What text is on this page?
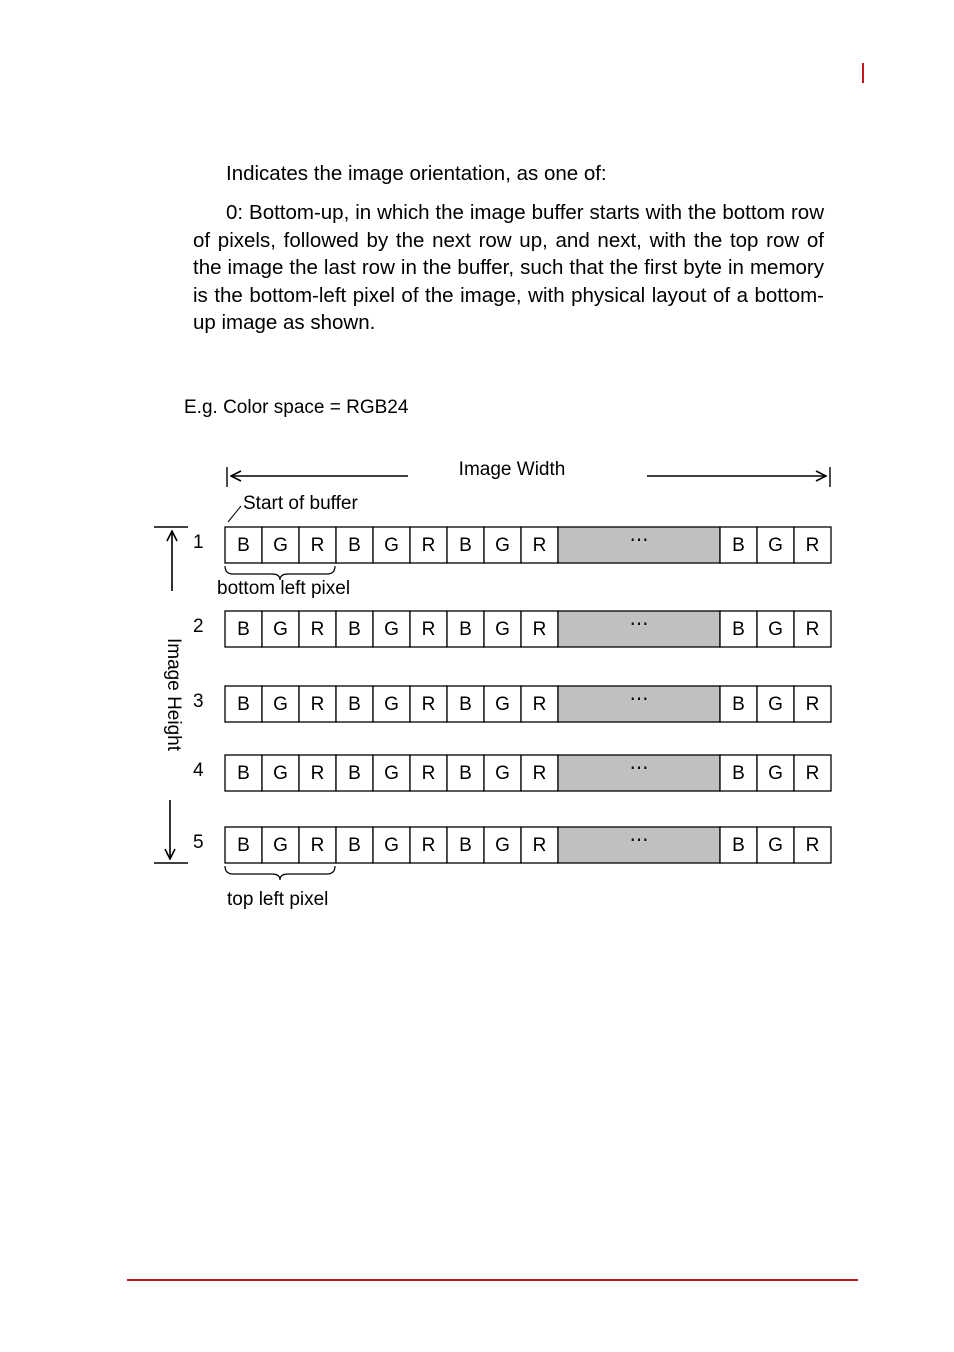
Indicates the image orientation, as one of:

0: Bottom-up, in which the image buffer starts with the bottom row of pixels, followed by the next row up, and next, with the top row of the image the last row in the buffer, such that the first byte in memory is the bottom-left pixel of the image, with physical layout of a bottom-up image as shown.

E.g. Color space = RGB24
Image Width
Start of buffer
Image Height
1 B G R B G R B G R	⋯	B G R
2 B G R B G R B G R	⋯	B G R
3 B G R B G R B G R	⋯	B G R
4 B G R B G R B G R	⋯	B G R
5 B G R B G R B G R	⋯	B G R
bottom left pixel
top left pixel
